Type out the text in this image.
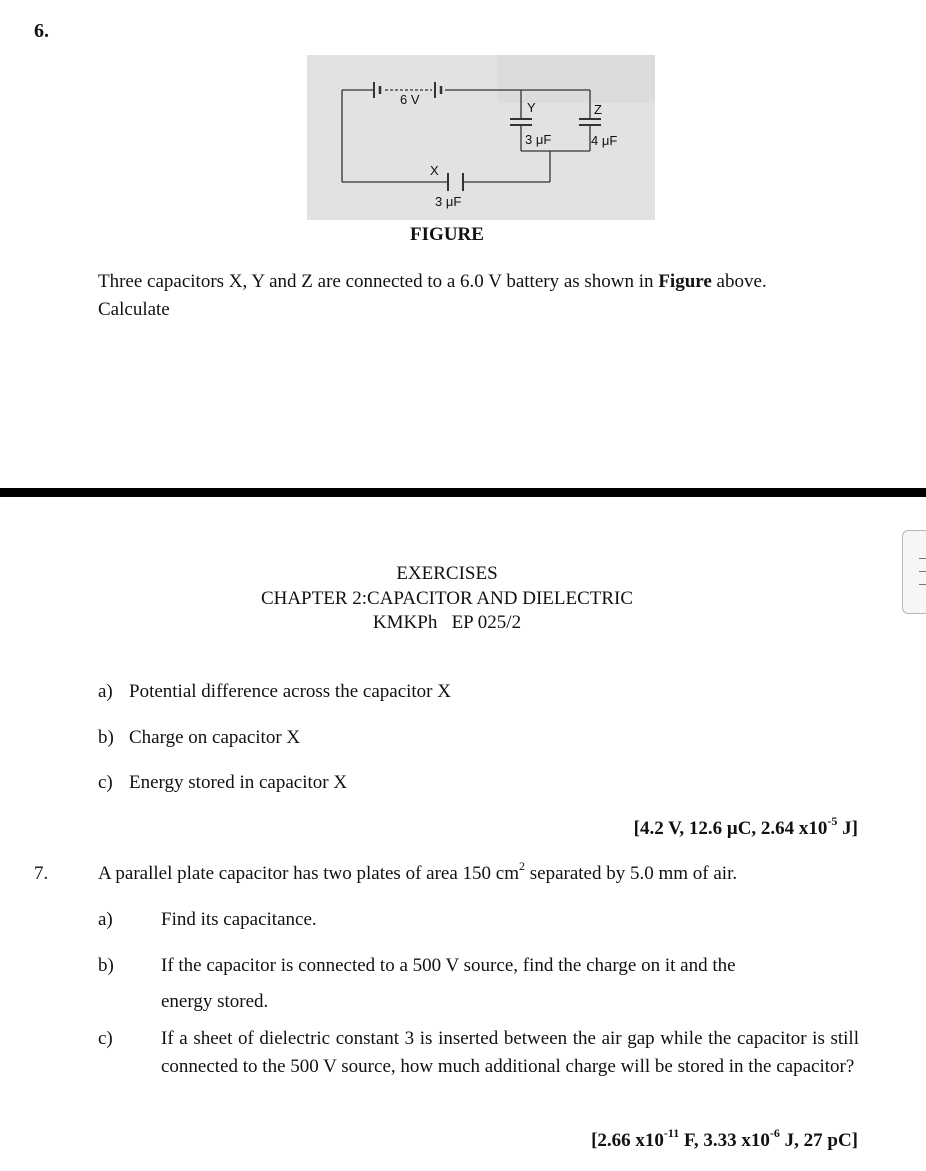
6.
6 V
Y
3 μF
Z
4 μF
X
3 μF
FIGURE
Three capacitors X, Y and Z are connected to a 6.0 V battery as shown in Figure above.
Calculate
EXERCISES
CHAPTER 2:CAPACITOR AND DIELECTRIC
KMKPh   EP 025/2
a) Potential difference across the capacitor X
b) Charge on capacitor X
c) Energy stored in capacitor X
[4.2 V, 12.6 μC, 2.64 $x10^{-5}$ J]
7.	A parallel plate capacitor has two plates of area 150 $cm^2$ separated by 5.0 mm of air.
a)	Find its capacitance.
b) If the capacitor is connected to a 500 V source, find the charge on it and the
energy stored.
c)	If a sheet of dielectric constant 3 is inserted between the air gap while the capacitor is still connected to the 500 V source, how much additional charge will be stored in the capacitor?
[2.66 $x10^{-11}$ F, 3.33 $x10^{-6}$ J, 27 pC]
